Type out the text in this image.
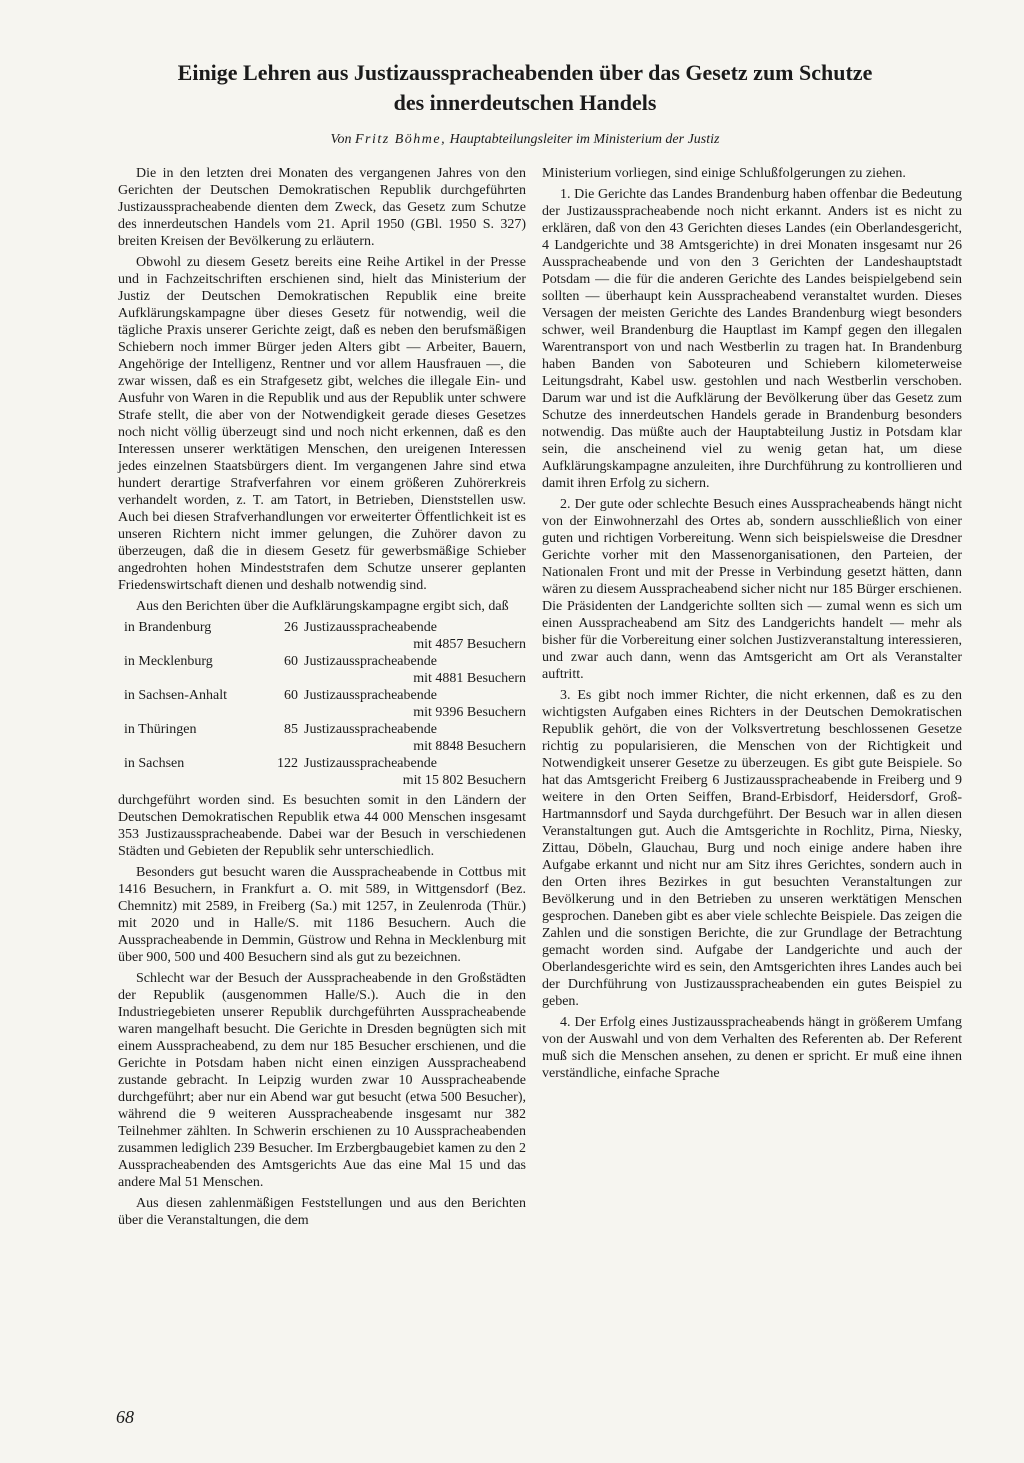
Einige Lehren aus Justizausspracheabenden über das Gesetz zum Schutze
des innerdeutschen Handels
Von Fritz Böhme, Hauptabteilungsleiter im Ministerium der Justiz

Die in den letzten drei Monaten des vergangenen Jahres von den Gerichten der Deutschen Demokratischen Republik durchgeführten Justizausspracheabende dienten dem Zweck, das Gesetz zum Schutze des innerdeutschen Handels vom 21. April 1950 (GBl. 1950 S. 327) breiten Kreisen der Bevölkerung zu erläutern.

Obwohl zu diesem Gesetz bereits eine Reihe Artikel in der Presse und in Fachzeitschriften erschienen sind, hielt das Ministerium der Justiz der Deutschen Demokratischen Republik eine breite Aufklärungskampagne über dieses Gesetz für notwendig, weil die tägliche Praxis unserer Gerichte zeigt, daß es neben den berufsmäßigen Schiebern noch immer Bürger jeden Alters gibt — Arbeiter, Bauern, Angehörige der Intelligenz, Rentner und vor allem Hausfrauen —, die zwar wissen, daß es ein Strafgesetz gibt, welches die illegale Ein- und Ausfuhr von Waren in die Republik und aus der Republik unter schwere Strafe stellt, die aber von der Notwendigkeit gerade dieses Gesetzes noch nicht völlig überzeugt sind und noch nicht erkennen, daß es den Interessen unserer werktätigen Menschen, den ureigenen Interessen jedes einzelnen Staatsbürgers dient. Im vergangenen Jahre sind etwa hundert derartige Strafverfahren vor einem größeren Zuhörerkreis verhandelt worden, z. T. am Tatort, in Betrieben, Dienststellen usw. Auch bei diesen Strafverhandlungen vor erweiterter Öffentlichkeit ist es unseren Richtern nicht immer gelungen, die Zuhörer davon zu überzeugen, daß die in diesem Gesetz für gewerbsmäßige Schieber angedrohten hohen Mindeststrafen dem Schutze unserer geplanten Friedenswirtschaft dienen und deshalb notwendig sind.

Aus den Berichten über die Aufklärungskampagne ergibt sich, daß

in Brandenburg	26 Justizausspracheabende
mit 4857 Besuchern
in Mecklenburg	60 Justizausspracheabende
mit 4881 Besuchern
in Sachsen-Anhalt	60 Justizausspracheabende
mit 9396 Besuchern
in Thüringen	85 Justizausspracheabende
mit 8848 Besuchern
in Sachsen	122 Justizausspracheabende
mit 15 802 Besuchern

durchgeführt worden sind. Es besuchten somit in den Ländern der Deutschen Demokratischen Republik etwa 44 000 Menschen insgesamt 353 Justizausspracheabende. Dabei war der Besuch in verschiedenen Städten und Gebieten der Republik sehr unterschiedlich.

Besonders gut besucht waren die Ausspracheabende in Cottbus mit 1416 Besuchern, in Frankfurt a. O. mit 589, in Wittgensdorf (Bez. Chemnitz) mit 2589, in Freiberg (Sa.) mit 1257, in Zeulenroda (Thür.) mit 2020 und in Halle/S. mit 1186 Besuchern. Auch die Ausspracheabende in Demmin, Güstrow und Rehna in Mecklenburg mit über 900, 500 und 400 Besuchern sind als gut zu bezeichnen.

Schlecht war der Besuch der Ausspracheabende in den Großstädten der Republik (ausgenommen Halle/S.). Auch die in den Industriegebieten unserer Republik durchgeführten Ausspracheabende waren mangelhaft besucht. Die Gerichte in Dresden begnügten sich mit einem Ausspracheabend, zu dem nur 185 Besucher erschienen, und die Gerichte in Potsdam haben nicht einen einzigen Ausspracheabend zustande gebracht. In Leipzig wurden zwar 10 Ausspracheabende durchgeführt; aber nur ein Abend war gut besucht (etwa 500 Besucher), während die 9 weiteren Ausspracheabende insgesamt nur 382 Teilnehmer zählten. In Schwerin erschienen zu 10 Ausspracheabenden zusammen lediglich 239 Besucher. Im Erzbergbaugebiet kamen zu den 2 Ausspracheabenden des Amtsgerichts Aue das eine Mal 15 und das andere Mal 51 Menschen.

Aus diesen zahlenmäßigen Feststellungen und aus den Berichten über die Veranstaltungen, die dem

Ministerium vorliegen, sind einige Schlußfolgerungen zu ziehen.

1. Die Gerichte das Landes Brandenburg haben offenbar die Bedeutung der Justizausspracheabende noch nicht erkannt. Anders ist es nicht zu erklären, daß von den 43 Gerichten dieses Landes (ein Oberlandesgericht, 4 Landgerichte und 38 Amtsgerichte) in drei Monaten insgesamt nur 26 Ausspracheabende und von den 3 Gerichten der Landeshauptstadt Potsdam — die für die anderen Gerichte des Landes beispielgebend sein sollten — überhaupt kein Ausspracheabend veranstaltet wurden. Dieses Versagen der meisten Gerichte des Landes Brandenburg wiegt besonders schwer, weil Brandenburg die Hauptlast im Kampf gegen den illegalen Warentransport von und nach Westberlin zu tragen hat. In Brandenburg haben Banden von Saboteuren und Schiebern kilometerweise Leitungsdraht, Kabel usw. gestohlen und nach Westberlin verschoben. Darum war und ist die Aufklärung der Bevölkerung über das Gesetz zum Schutze des innerdeutschen Handels gerade in Brandenburg besonders notwendig. Das müßte auch der Hauptabteilung Justiz in Potsdam klar sein, die anscheinend viel zu wenig getan hat, um diese Aufklärungskampagne anzuleiten, ihre Durchführung zu kontrollieren und damit ihren Erfolg zu sichern.

2. Der gute oder schlechte Besuch eines Ausspracheabends hängt nicht von der Einwohnerzahl des Ortes ab, sondern ausschließlich von einer guten und richtigen Vorbereitung. Wenn sich beispielsweise die Dresdner Gerichte vorher mit den Massenorganisationen, den Parteien, der Nationalen Front und mit der Presse in Verbindung gesetzt hätten, dann wären zu diesem Ausspracheabend sicher nicht nur 185 Bürger erschienen. Die Präsidenten der Landgerichte sollten sich — zumal wenn es sich um einen Ausspracheabend am Sitz des Landgerichts handelt — mehr als bisher für die Vorbereitung einer solchen Justizveranstaltung interessieren, und zwar auch dann, wenn das Amtsgericht am Ort als Veranstalter auftritt.

3. Es gibt noch immer Richter, die nicht erkennen, daß es zu den wichtigsten Aufgaben eines Richters in der Deutschen Demokratischen Republik gehört, die von der Volksvertretung beschlossenen Gesetze richtig zu popularisieren, die Menschen von der Richtigkeit und Notwendigkeit unserer Gesetze zu überzeugen. Es gibt gute Beispiele. So hat das Amtsgericht Freiberg 6 Justizausspracheabende in Freiberg und 9 weitere in den Orten Seiffen, Brand-Erbisdorf, Heidersdorf, Groß-Hartmannsdorf und Sayda durchgeführt. Der Besuch war in allen diesen Veranstaltungen gut. Auch die Amtsgerichte in Rochlitz, Pirna, Niesky, Zittau, Döbeln, Glauchau, Burg und noch einige andere haben ihre Aufgabe erkannt und nicht nur am Sitz ihres Gerichtes, sondern auch in den Orten ihres Bezirkes in gut besuchten Veranstaltungen zur Bevölkerung und in den Betrieben zu unseren werktätigen Menschen gesprochen. Daneben gibt es aber viele schlechte Beispiele. Das zeigen die Zahlen und die sonstigen Berichte, die zur Grundlage der Betrachtung gemacht worden sind. Aufgabe der Landgerichte und auch der Oberlandesgerichte wird es sein, den Amtsgerichten ihres Landes auch bei der Durchführung von Justizausspracheabenden ein gutes Beispiel zu geben.

4. Der Erfolg eines Justizausspracheabends hängt in größerem Umfang von der Auswahl und von dem Verhalten des Referenten ab. Der Referent muß sich die Menschen ansehen, zu denen er spricht. Er muß eine ihnen verständliche, einfache Sprache

68
